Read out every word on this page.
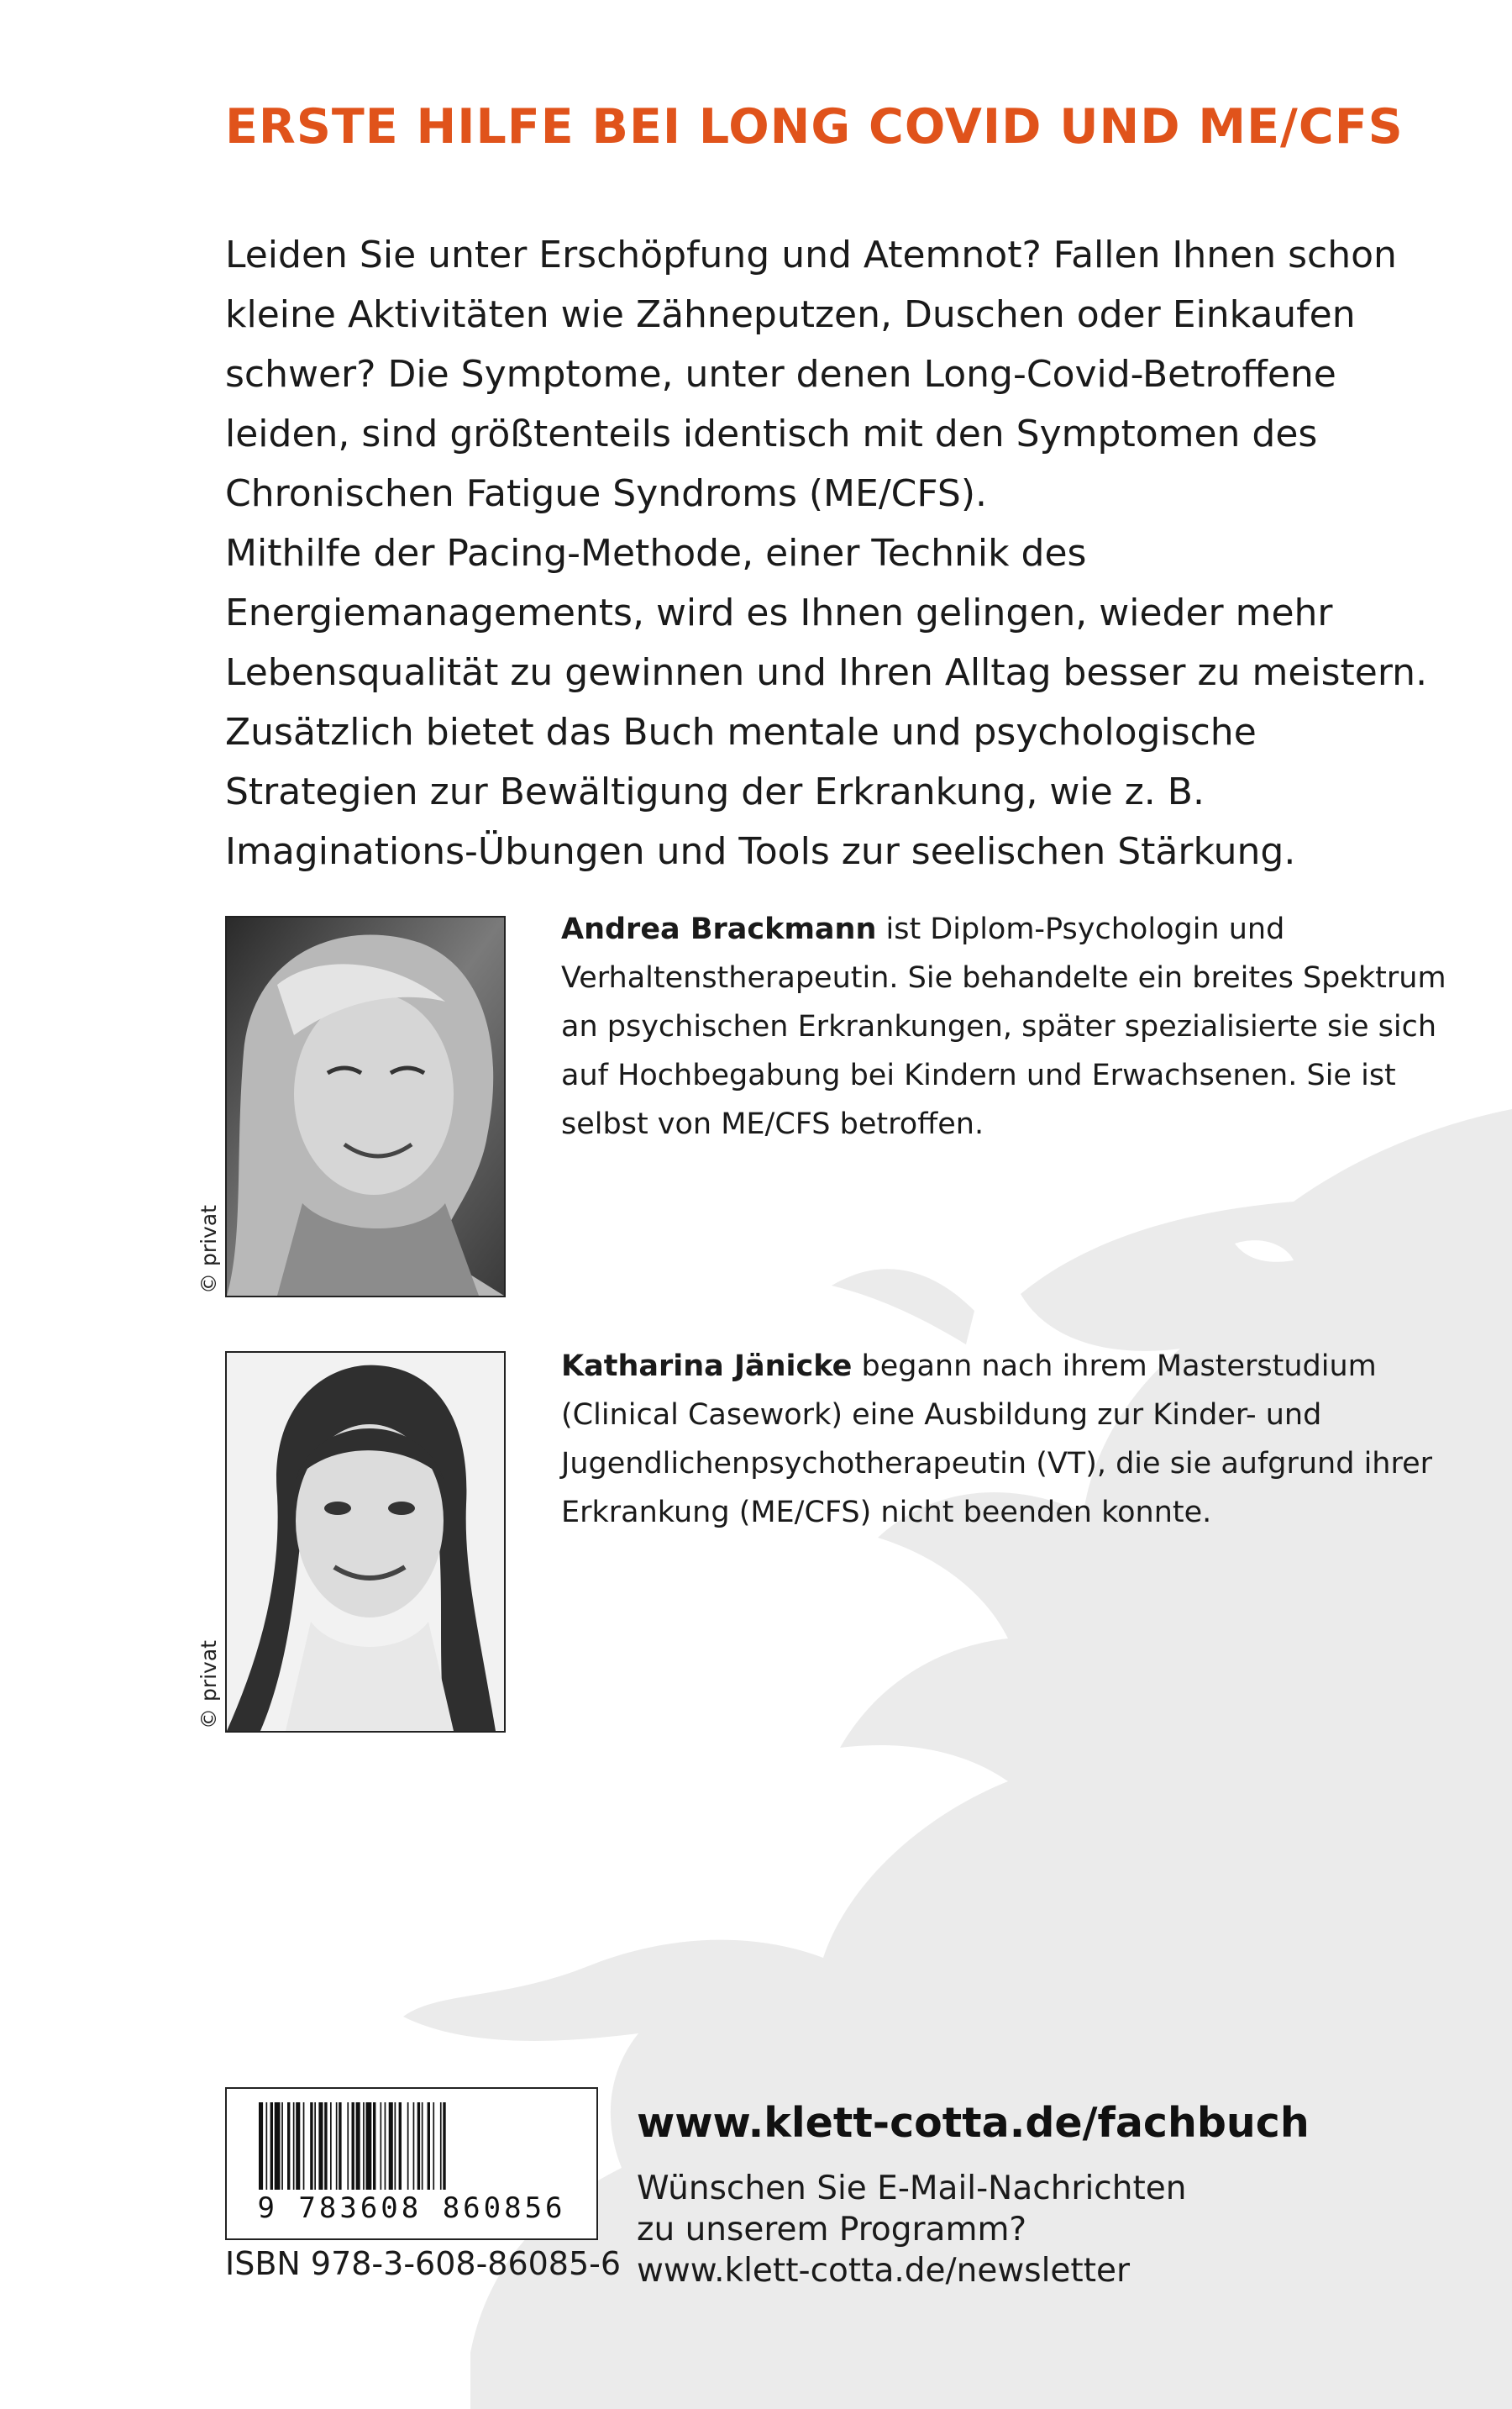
ERSTE HILFE BEI LONG COVID UND ME/CFS

Leiden Sie unter Erschöpfung und Atemnot? Fallen Ihnen schon kleine Aktivitäten wie Zähneputzen, Duschen oder Einkaufen schwer? Die Symptome, unter denen Long-Covid-Betroffene leiden, sind größtenteils identisch mit den Symptomen des Chronischen Fatigue Syndroms (ME/CFS).

Mithilfe der Pacing-Methode, einer Technik des Energiemanagements, wird es Ihnen gelingen, wieder mehr Lebensqualität zu gewinnen und Ihren Alltag besser zu meistern. Zusätzlich bietet das Buch mentale und psychologische Strategien zur Bewältigung der Erkrankung, wie z. B. Imaginations-Übungen und Tools zur seelischen Stärkung.

© privat

Andrea Brackmann ist Diplom-Psychologin und Verhaltenstherapeutin. Sie behandelte ein breites Spektrum an psychischen Erkrankungen, später spezialisierte sie sich auf Hochbegabung bei Kindern und Erwachsenen. Sie ist selbst von ME/CFS betroffen.

© privat

Katharina Jänicke begann nach ihrem Masterstudium (Clinical Casework) eine Ausbildung zur Kinder- und Jugendlichenpsychotherapeutin (VT), die sie aufgrund ihrer Erkrankung (ME/CFS) nicht beenden konnte.

9 783608 860856
ISBN 978-3-608-86085-6
www.klett-cotta.de/fachbuch
Wünschen Sie E-Mail-Nachrichten
zu unserem Programm?
www.klett-cotta.de/newsletter
